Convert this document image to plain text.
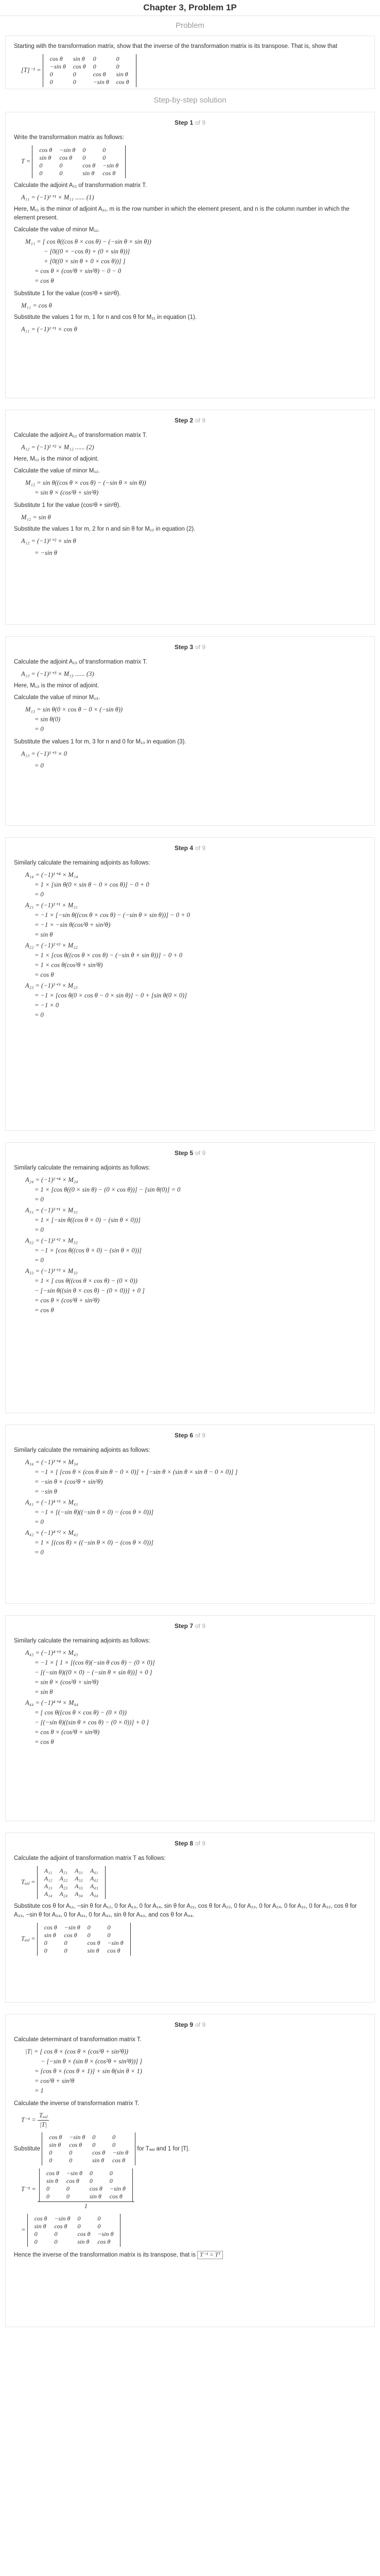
Chapter 3, Problem 1P
Problem

Starting with the transformation matrix, show that the inverse of the transformation matrix is its transpose. That is, show that

[T]⁻¹ =
cos θ	sin θ	0	0
−sin θ	cos θ	0	0
0	0	cos θ	sin θ
0	0	−sin θ	cos θ
Step-by-step solution
Step 1 of 9

Write the transformation matrix as follows:

T =
cos θ	−sin θ	0	0
sin θ	cos θ	0	0
0	0	cos θ	−sin θ
0	0	sin θ	cos θ

Calculate the adjoint A₁₁ of transformation matrix T.

A₁₁ = (−1)¹⁺¹ × M₁₁ ...... (1)

Here, M₁₁ is the minor of adjoint A₁₁, m is the row number in which the element present, and n is the column number in which the element present.

Calculate the value of minor M₁₁.

M₁₁ = [ cos θ((cos θ × cos θ) − (−sin θ × sin θ))
− [0((0 × −cos θ) + (0 × sin θ))]
+ [0((0 × sin θ + 0 × cos θ))] ]
= cos θ × (cos²θ + sin²θ) − 0 − 0
= cos θ

Substitute 1 for the value (cos²θ + sin²θ).

M₁₁ = cos θ

Substitute the values 1 for m, 1 for n and cos θ for M₁₁ in equation (1).

A₁₁ = (−1)¹⁺¹ × cos θ
Step 2 of 9

Calculate the adjoint A₁₂ of transformation matrix T.

A₁₂ = (−1)¹⁺² × M₁₂ ...... (2)

Here, M₁₂ is the minor of adjoint.

Calculate the value of minor M₁₂.

M₁₂ = sin θ((cos θ × cos θ) − (−sin θ × sin θ))
= sin θ × (cos²θ + sin²θ)

Substitute 1 for the value (cos²θ + sin²θ).

M₁₂ = sin θ

Substitute the values 1 for m, 2 for n and sin θ for M₁₂ in equation (2).

A₁₂ = (−1)¹⁺² × sin θ
= −sin θ
Step 3 of 9

Calculate the adjoint A₁₃ of transformation matrix T.

A₁₃ = (−1)¹⁺³ × M₁₃ ...... (3)

Here, M₁₃ is the minor of adjoint.

Calculate the value of minor M₁₃.

M₁₃ = sin θ(0 × cos θ − 0 × (−sin θ))
= sin θ(0)
= 0

Substitute the values 1 for m, 3 for n and 0 for M₁₃ in equation (3).

A₁₃ = (−1)¹⁺³ × 0
= 0
Step 4 of 9

Similarly calculate the remaining adjoints as follows:

A₁₄ = (−1)¹⁺⁴ × M₁₄
= 1 × [sin θ(0 × sin θ − 0 × cos θ)] − 0 + 0
= 0
A₂₁ = (−1)²⁺¹ × M₂₁
= −1 × [−sin θ((cos θ × cos θ) − (−sin θ × sin θ))] − 0 + 0
= −1 × −sin θ(cos²θ + sin²θ)
= sin θ
A₂₂ = (−1)²⁺² × M₂₂
= 1 × [cos θ((cos θ × cos θ) − (−sin θ × sin θ))] − 0 + 0
= 1 × cos θ(cos²θ + sin²θ)
= cos θ
A₂₃ = (−1)²⁺³ × M₂₃
= −1 × [cos θ(0 × cos θ − 0 × sin θ)] − 0 + [sin θ(0 × 0)]
= −1 × 0
= 0
Step 5 of 9

Similarly calculate the remaining adjoints as follows:

A₂₄ = (−1)²⁺⁴ × M₂₄
= 1 × [cos θ((0 × sin θ) − (0 × cos θ))] − [sin θ(0)] = 0
= 0
A₃₁ = (−1)³⁺¹ × M₃₁
= 1 × [−sin θ((cos θ × 0) − (sin θ × 0))]
= 0
A₃₂ = (−1)³⁺² × M₃₂
= −1 × [cos θ((cos θ × 0) − (sin θ × 0))]
= 0
A₃₃ = (−1)³⁺³ × M₃₃
= 1 × [ cos θ((cos θ × cos θ) − (0 × 0))
− [−sin θ((sin θ × cos θ) − (0 × 0))] + 0 ]
= cos θ × (cos²θ + sin²θ)
= cos θ
Step 6 of 9

Similarly calculate the remaining adjoints as follows:

A₃₄ = (−1)³⁺⁴ × M₃₄
= −1 × [ [cos θ × (cos θ sin θ − 0 × 0)] + [−sin θ × (sin θ × sin θ − 0 × 0)] ]
= −sin θ × (cos²θ + sin²θ)
= −sin θ
A₄₁ = (−1)⁴⁺¹ × M₄₁
= −1 × [(−sin θ)((−sin θ × 0) − (cos θ × 0))]
= 0
A₄₂ = (−1)⁴⁺² × M₄₂
= 1 × [(cos θ) × ((−sin θ × 0) − (cos θ × 0))]
= 0
Step 7 of 9

Similarly calculate the remaining adjoints as follows:

A₄₃ = (−1)⁴⁺³ × M₄₃
= −1 × [ 1 × [(cos θ)(−sin θ cos θ) − (0 × 0)]
− [(−sin θ)((0 × 0) − (−sin θ × sin θ))] + 0 ]
= sin θ × (cos²θ + sin²θ)
= sin θ
A₄₄ = (−1)⁴⁺⁴ × M₄₄
= [ cos θ((cos θ × cos θ) − (0 × 0))
− [(−sin θ)((sin θ × cos θ) − (0 × 0))] + 0 ]
= cos θ × (cos²θ + sin²θ)
= cos θ
Step 8 of 9

Calculate the adjoint of transformation matrix T as follows:

Tₐₔⱼ =
A₁₁	A₂₁	A₃₁	A₄₁
A₁₂	A₂₂	A₃₂	A₄₂
A₁₃	A₂₃	A₃₃	A₄₃
A₁₄	A₂₄	A₃₄	A₄₄

Substitute cos θ for A₁₁, −sin θ for A₁₂, 0 for A₁₃, 0 for A₁₄, sin θ for A₂₁, cos θ for A₂₂, 0 for A₂₃, 0 for A₂₄, 0 for A₃₁, 0 for A₃₂, cos θ for A₃₃, −sin θ for A₃₄, 0 for A₄₁, 0 for A₄₂, sin θ for A₄₃, and cos θ for A₄₄.

Tₐₔⱼ =
cos θ	−sin θ	0	0
sin θ	cos θ	0	0
0	0	cos θ	−sin θ
0	0	sin θ	cos θ
Step 9 of 9

Calculate determinant of transformation matrix T.

|T| = [ cos θ × (cos θ × (cos²θ + sin²θ))
− [−sin θ × (sin θ × (cos²θ + sin²θ))] ]
= [cos θ × (cos θ × 1)] + sin θ(sin θ × 1)
= cos²θ + sin²θ
= 1

Calculate the inverse of transformation matrix T.

$T^{-1} = \frac{\text{Tₐₔⱼ}}{|T|}$
Substitute
cos θ	−sin θ	0	0
sin θ	cos θ	0	0
0	0	cos θ	−sin θ
0	0	sin θ	cos θ
for Tₐₔⱼ and 1 for |T|.
T⁻¹ = cos θ	−sin θ	0	0
sin θ	cos θ	0	0
0	0	cos θ	−sin θ
0	0	sin θ	cos θ
1
=
cos θ	−sin θ	0	0
sin θ	cos θ	0	0
0	0	cos θ	−sin θ
0	0	sin θ	cos θ

Hence the inverse of the transformation matrix is its transpose, that is T⁻¹ = Tᵀ
